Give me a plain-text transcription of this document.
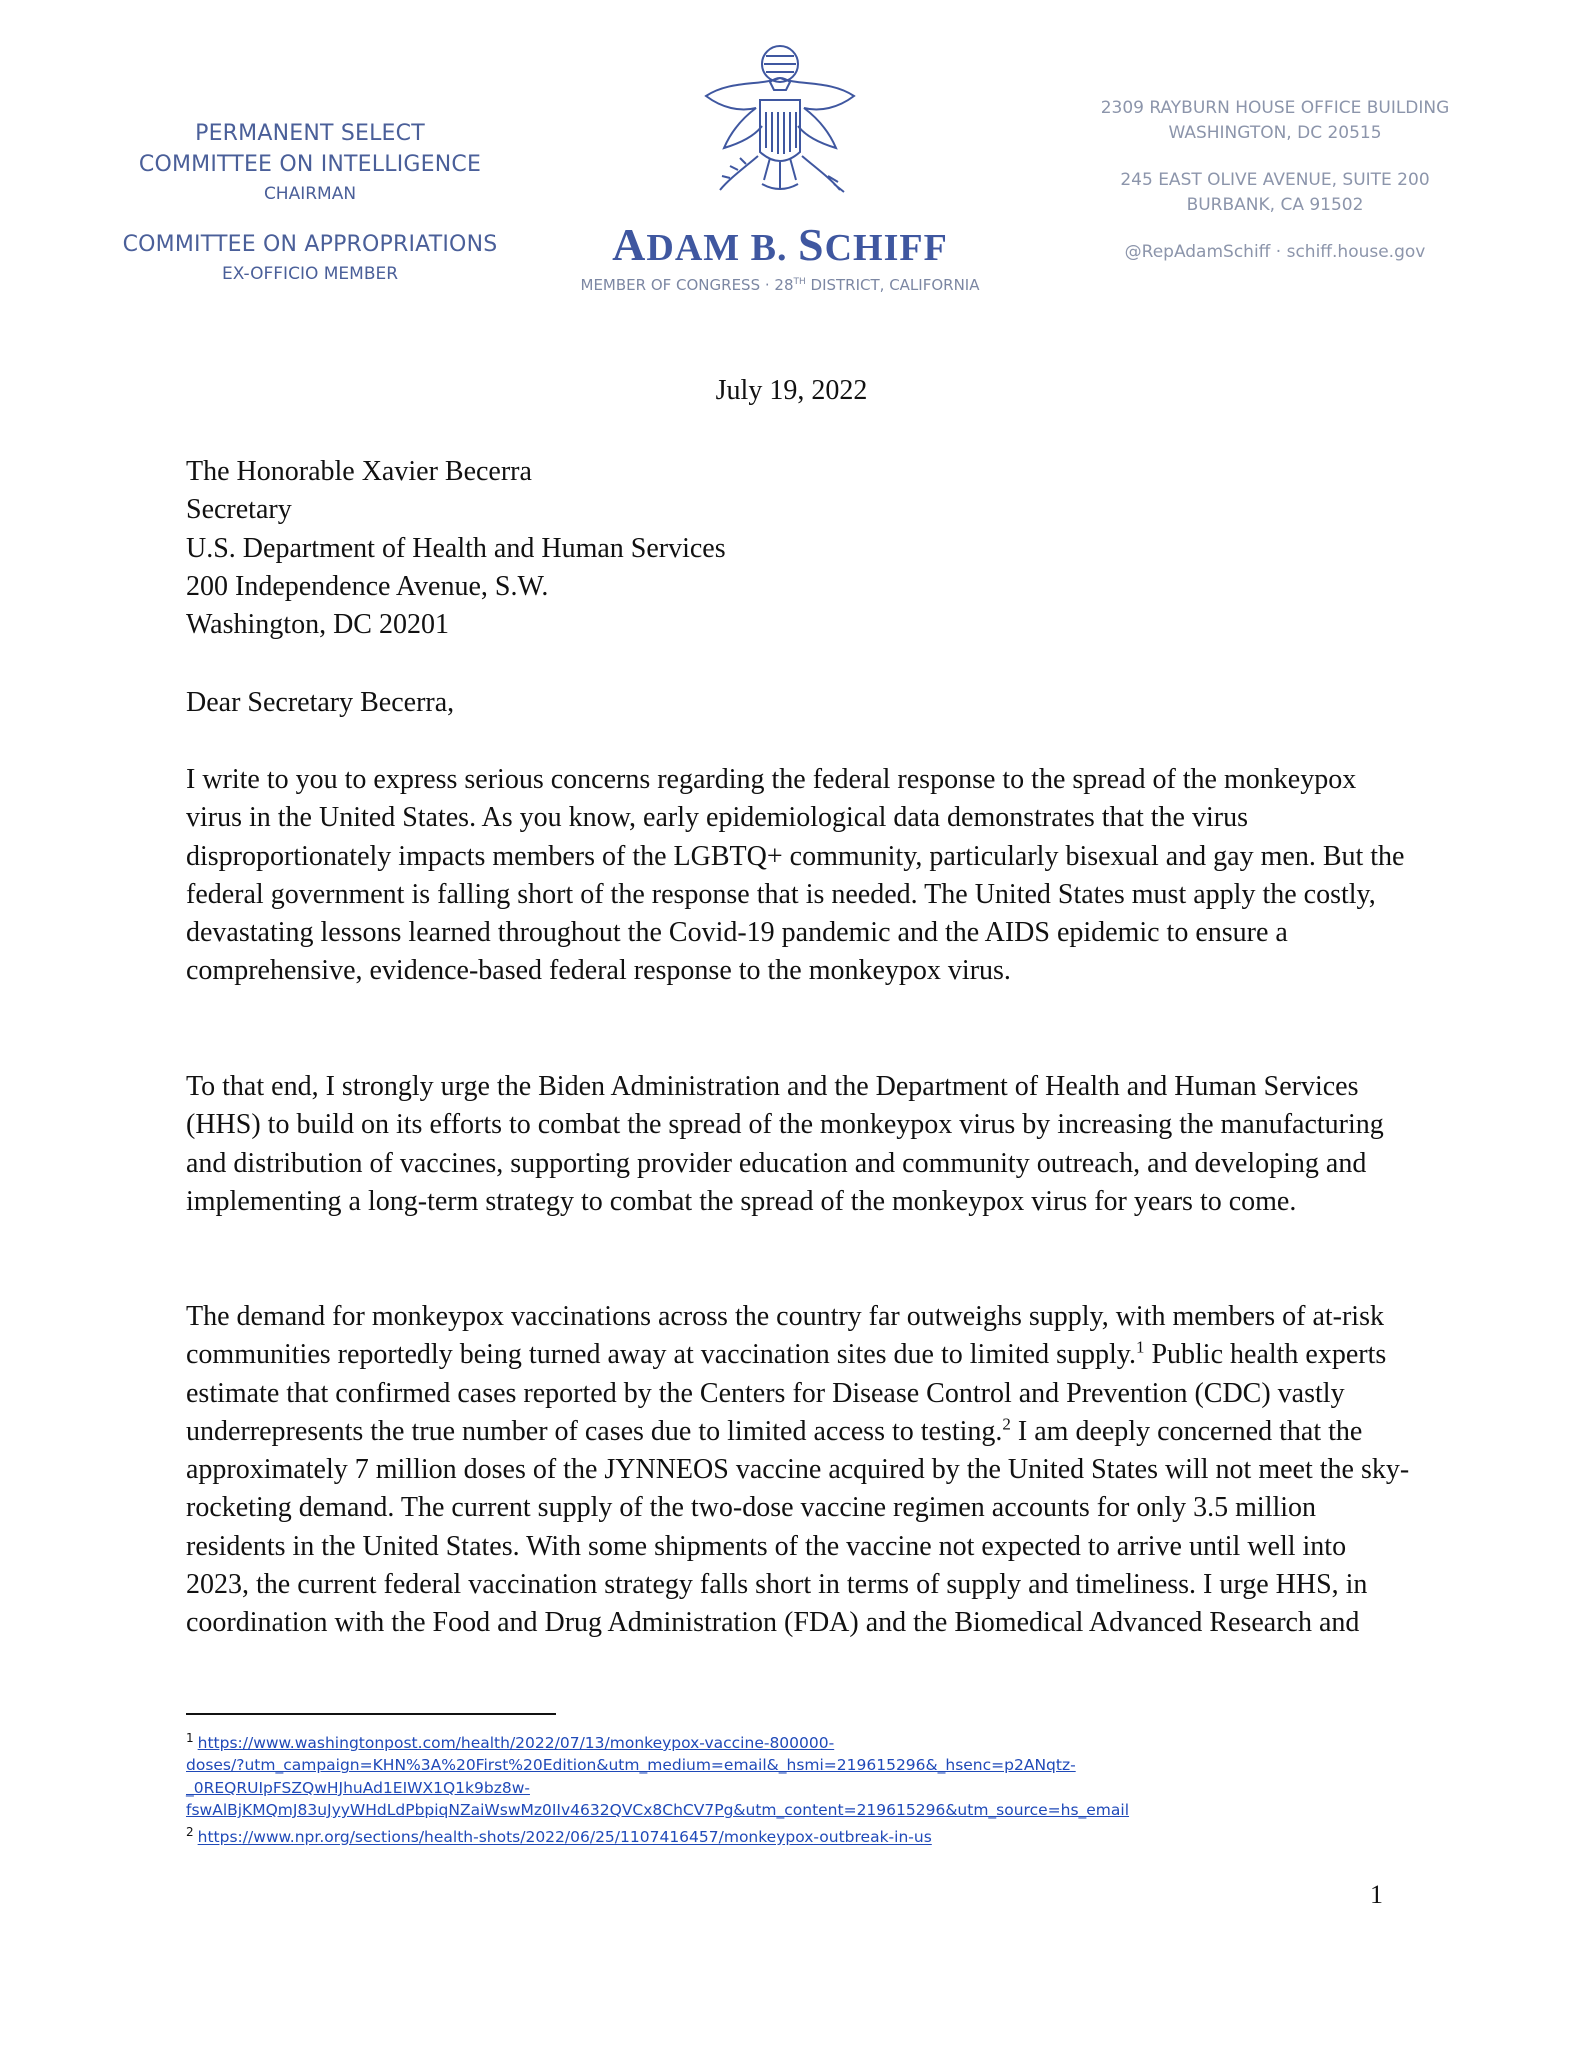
PERMANENT SELECT
COMMITTEE ON INTELLIGENCE
CHAIRMAN
COMMITTEE ON APPROPRIATIONS
EX-OFFICIO MEMBER
ADAM B. SCHIFF
MEMBER OF CONGRESS · 28TH DISTRICT, CALIFORNIA
2309 RAYBURN HOUSE OFFICE BUILDING
WASHINGTON, DC 20515
245 EAST OLIVE AVENUE, SUITE 200
BURBANK, CA 91502
@RepAdamSchiff · schiff.house.gov
July 19, 2022
The Honorable Xavier Becerra
Secretary
U.S. Department of Health and Human Services
200 Independence Avenue, S.W.
Washington, DC 20201
Dear Secretary Becerra,

I write to you to express serious concerns regarding the federal response to the spread of the monkeypox virus in the United States. As you know, early epidemiological data demonstrates that the virus disproportionately impacts members of the LGBTQ+ community, particularly bisexual and gay men. But the federal government is falling short of the response that is needed. The United States must apply the costly, devastating lessons learned throughout the Covid-19 pandemic and the AIDS epidemic to ensure a comprehensive, evidence-based federal response to the monkeypox virus.

To that end, I strongly urge the Biden Administration and the Department of Health and Human Services (HHS) to build on its efforts to combat the spread of the monkeypox virus by increasing the manufacturing and distribution of vaccines, supporting provider education and community outreach, and developing and implementing a long-term strategy to combat the spread of the monkeypox virus for years to come.

The demand for monkeypox vaccinations across the country far outweighs supply, with members of at-risk communities reportedly being turned away at vaccination sites due to limited supply.$^1$ Public health experts estimate that confirmed cases reported by the Centers for Disease Control and Prevention (CDC) vastly underrepresents the true number of cases due to limited access to testing.$^2$ I am deeply concerned that the approximately 7 million doses of the JYNNEOS vaccine acquired by the United States will not meet the sky-rocketing demand. The current supply of the two-dose vaccine regimen accounts for only 3.5 million residents in the United States. With some shipments of the vaccine not expected to arrive until well into 2023, the current federal vaccination strategy falls short in terms of supply and timeliness. I urge HHS, in coordination with the Food and Drug Administration (FDA) and the Biomedical Advanced Research and

$^1$ https://www.washingtonpost.com/health/2022/07/13/monkeypox-vaccine-800000-
doses/?utm_campaign=KHN%3A%20First%20Edition&utm_medium=email&_hsmi=219615296&_hsenc=p2ANqtz-
_0REQRUIpFSZQwHJhuAd1EIWX1Q1k9bz8w-
fswAlBjKMQmJ83uJyyWHdLdPbpiqNZaiWswMz0IIv4632QVCx8ChCV7Pg&utm_content=219615296&utm_source=hs_email
$^2$ https://www.npr.org/sections/health-shots/2022/06/25/1107416457/monkeypox-outbreak-in-us
1
